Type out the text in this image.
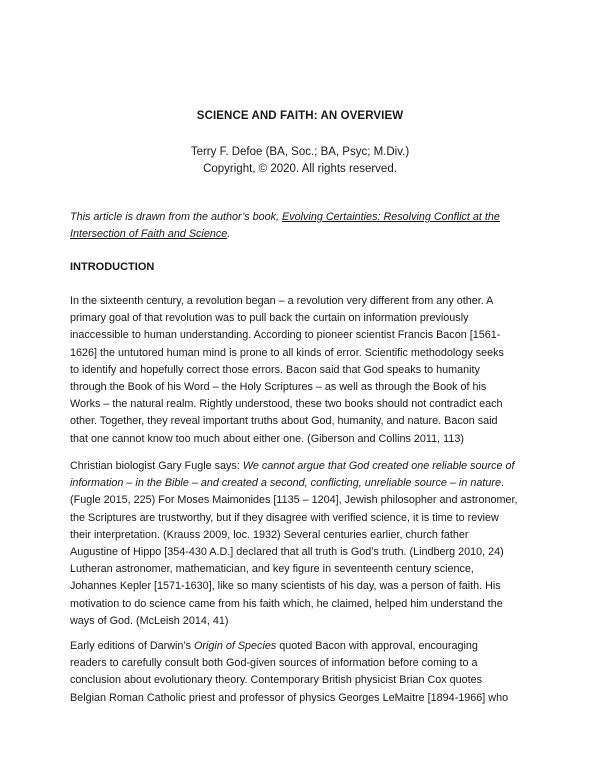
SCIENCE AND FAITH: AN OVERVIEW
Terry F. Defoe (BA, Soc.; BA, Psyc; M.Div.)
Copyright, © 2020. All rights reserved.
This article is drawn from the author’s book, Evolving Certainties: Resolving Conflict at the
Intersection of Faith and Science.
INTRODUCTION
In the sixteenth century, a revolution began – a revolution very different from any other. A
primary goal of that revolution was to pull back the curtain on information previously
inaccessible to human understanding. According to pioneer scientist Francis Bacon [1561-
1626] the untutored human mind is prone to all kinds of error. Scientific methodology seeks
to identify and hopefully correct those errors. Bacon said that God speaks to humanity
through the Book of his Word – the Holy Scriptures – as well as through the Book of his
Works – the natural realm. Rightly understood, these two books should not contradict each
other. Together, they reveal important truths about God, humanity, and nature. Bacon said
that one cannot know too much about either one. (Giberson and Collins 2011, 113)
Christian biologist Gary Fugle says: We cannot argue that God created one reliable source of
information – in the Bible – and created a second, conflicting, unreliable source – in nature.
(Fugle 2015, 225) For Moses Maimonides [1135 – 1204], Jewish philosopher and astronomer,
the Scriptures are trustworthy, but if they disagree with verified science, it is time to review
their interpretation. (Krauss 2009, loc. 1932) Several centuries earlier, church father
Augustine of Hippo [354-430 A.D.] declared that all truth is God’s truth. (Lindberg 2010, 24)
Lutheran astronomer, mathematician, and key figure in seventeenth century science,
Johannes Kepler [1571-1630], like so many scientists of his day, was a person of faith. His
motivation to do science came from his faith which, he claimed, helped him understand the
ways of God. (McLeish 2014, 41)
Early editions of Darwin’s Origin of Species quoted Bacon with approval, encouraging
readers to carefully consult both God-given sources of information before coming to a
conclusion about evolutionary theory. Contemporary British physicist Brian Cox quotes
Belgian Roman Catholic priest and professor of physics Georges LeMaitre [1894-1966] who
